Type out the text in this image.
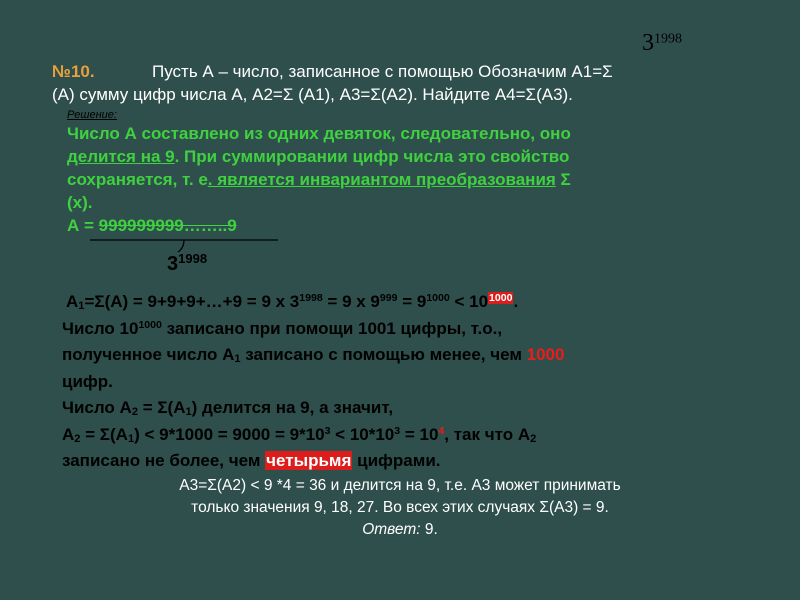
$3^{1998}$
№10.	Пусть А – число, записанное с помощью Обозначим А1=Σ
(А) сумму цифр числа А, А2=Σ (А1), А3=Σ(А2). Найдите А4=Σ(А3).
Решение:
Число А составлено из одних девяток, следовательно, оно
делится на 9. При суммировании цифр числа это свойство
сохраняется, т. е. является инвариантом преобразования Σ
(х).
А = 999999999……..9
$3^{1998}$
$A_1=\Sigma(A)$ = 9+9+9+…+9 = 9 x $3^{1998} = 9$ x $9^{999} = 9^{1000} < 10^{1000}$.
Число $10^{1000}$ записано при помощи 1001 цифры, т.о.,
полученное число $А_1$ записано с помощью менее, чем 1000
цифр.
Число $А_2 = \Sigma(А_1)$ делится на 9, а значит,
$А_2 = \Sigma(А_1) < 9*1000 = 9000 = 9*10^3 < 10*10^3 = 10^4$, так что $А_2$
записано не более, чем четырьмя цифрами.
А3=Σ(А2) < 9 *4 = 36 и делится на 9, т.е. А3 может принимать
только значения 9, 18, 27. Во всех этих случаях Σ(А3) = 9.
Ответ: 9.
